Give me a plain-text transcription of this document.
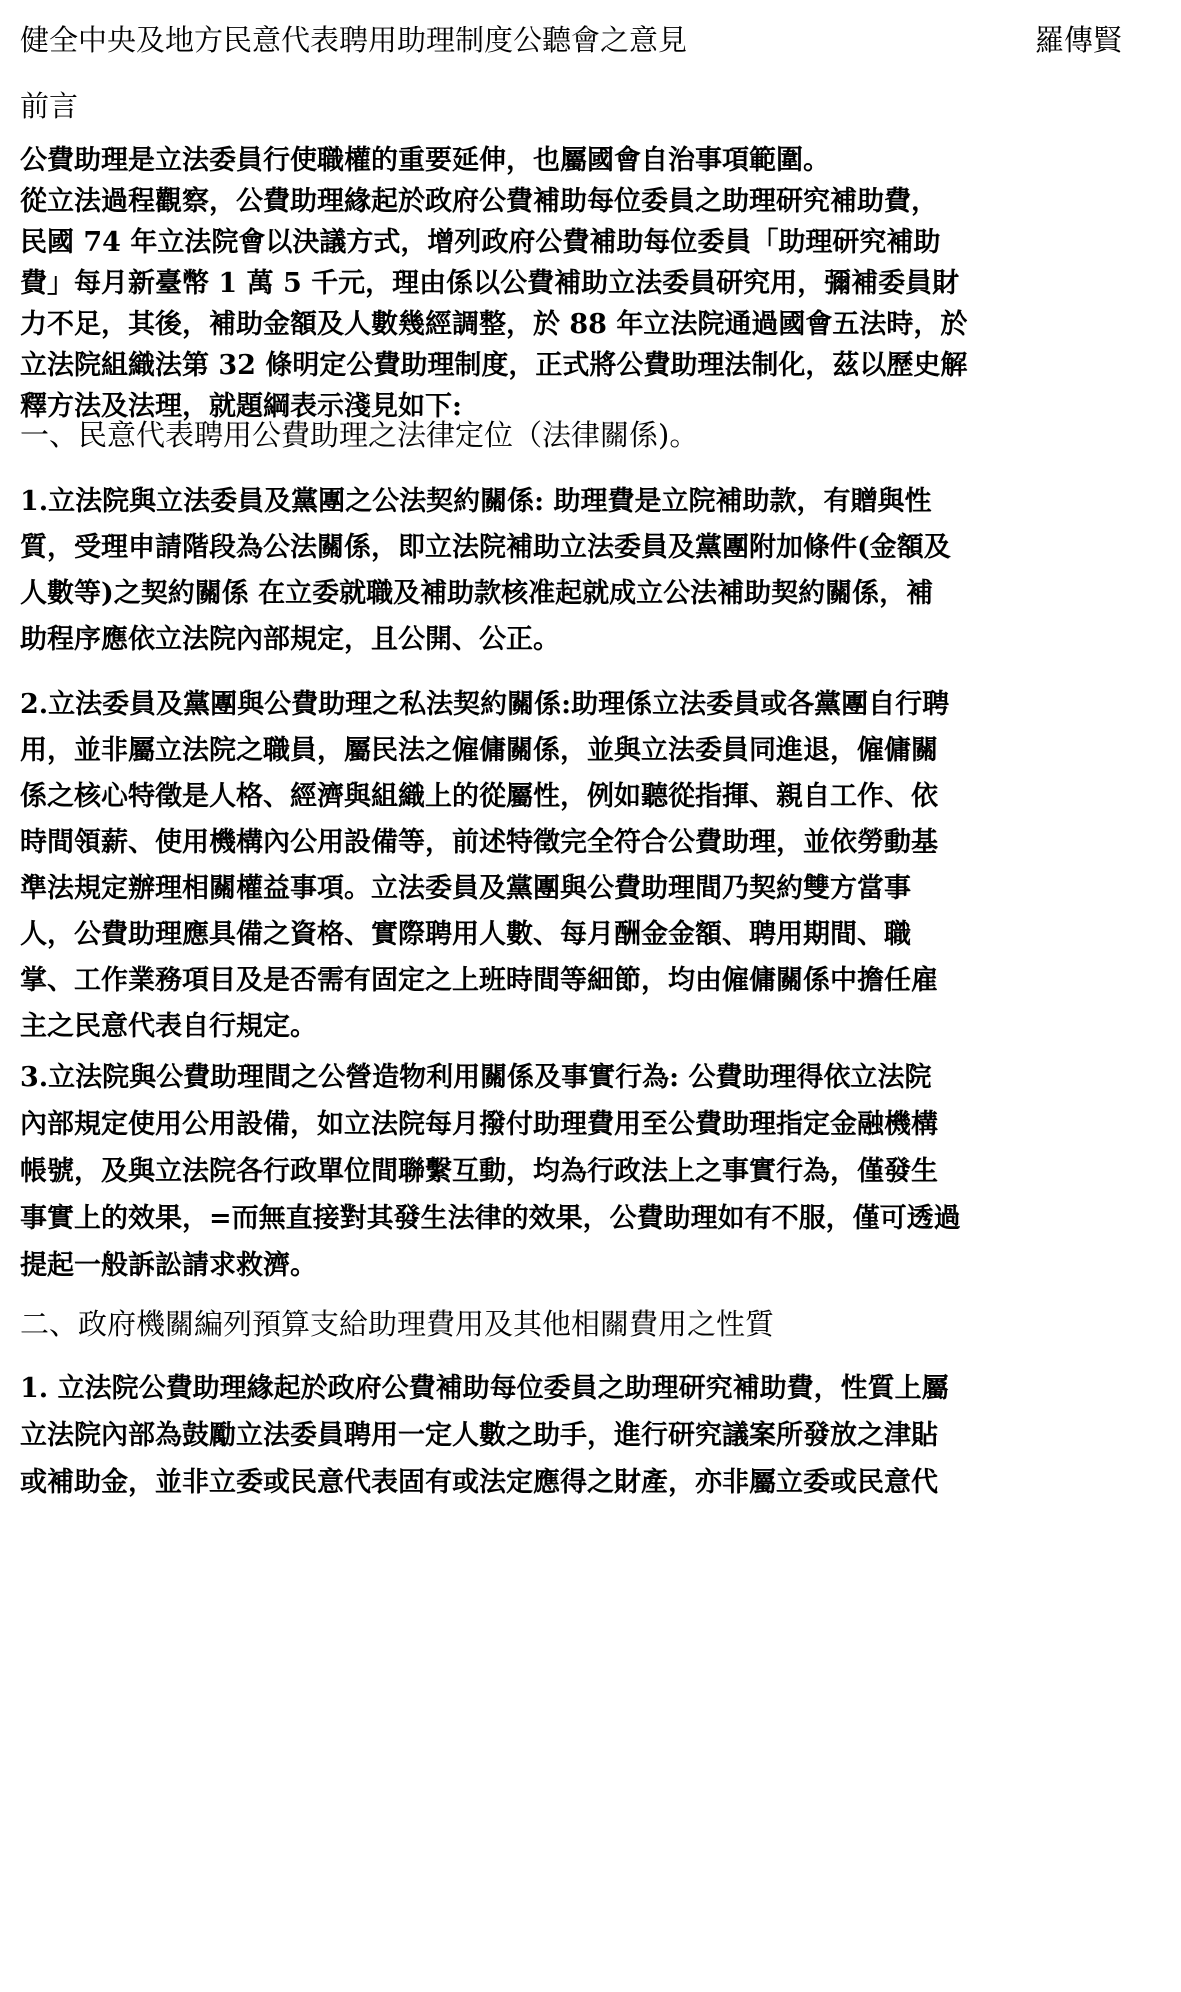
健全中央及地方民意代表聘用助理制度公聽會之意見	羅傳賢
前言
公費助理是立法委員行使職權的重要延伸，也屬國會自治事項範圍。
從立法過程觀察，公費助理緣起於政府公費補助每位委員之助理研究補助費，
民國 74 年立法院會以決議方式，增列政府公費補助每位委員「助理研究補助
費」每月新臺幣 1 萬 5 千元，理由係以公費補助立法委員研究用，彌補委員財
力不足，其後，補助金額及人數幾經調整，於 88 年立法院通過國會五法時，於
立法院組織法第 32 條明定公費助理制度，正式將公費助理法制化，茲以歷史解
釋方法及法理，就題綱表示淺見如下:
一、民意代表聘用公費助理之法律定位（法律關係)。
1.立法院與立法委員及黨團之公法契約關係: 助理費是立院補助款，有贈與性
質，受理申請階段為公法關係，即立法院補助立法委員及黨團附加條件(金額及
人數等)之契約關係 在立委就職及補助款核准起就成立公法補助契約關係，補
助程序應依立法院內部規定，且公開、公正。
2.立法委員及黨團與公費助理之私法契約關係:助理係立法委員或各黨團自行聘
用，並非屬立法院之職員，屬民法之僱傭關係，並與立法委員同進退，僱傭關
係之核心特徵是人格、經濟與組織上的從屬性，例如聽從指揮、親自工作、依
時間領薪、使用機構內公用設備等，前述特徵完全符合公費助理，並依勞動基
準法規定辦理相關權益事項。立法委員及黨團與公費助理間乃契約雙方當事
人，公費助理應具備之資格、實際聘用人數、每月酬金金額、聘用期間、職
掌、工作業務項目及是否需有固定之上班時間等細節，均由僱傭關係中擔任雇
主之民意代表自行規定。
3.立法院與公費助理間之公營造物利用關係及事實行為: 公費助理得依立法院
內部規定使用公用設備，如立法院每月撥付助理費用至公費助理指定金融機構
帳號，及與立法院各行政單位間聯繫互動，均為行政法上之事實行為，僅發生
事實上的效果，=而無直接對其發生法律的效果，公費助理如有不服，僅可透過
提起一般訴訟請求救濟。
二、政府機關編列預算支給助理費用及其他相關費用之性質
1. 立法院公費助理緣起於政府公費補助每位委員之助理研究補助費，性質上屬
立法院內部為鼓勵立法委員聘用一定人數之助手，進行研究議案所發放之津貼
或補助金，並非立委或民意代表固有或法定應得之財產，亦非屬立委或民意代
